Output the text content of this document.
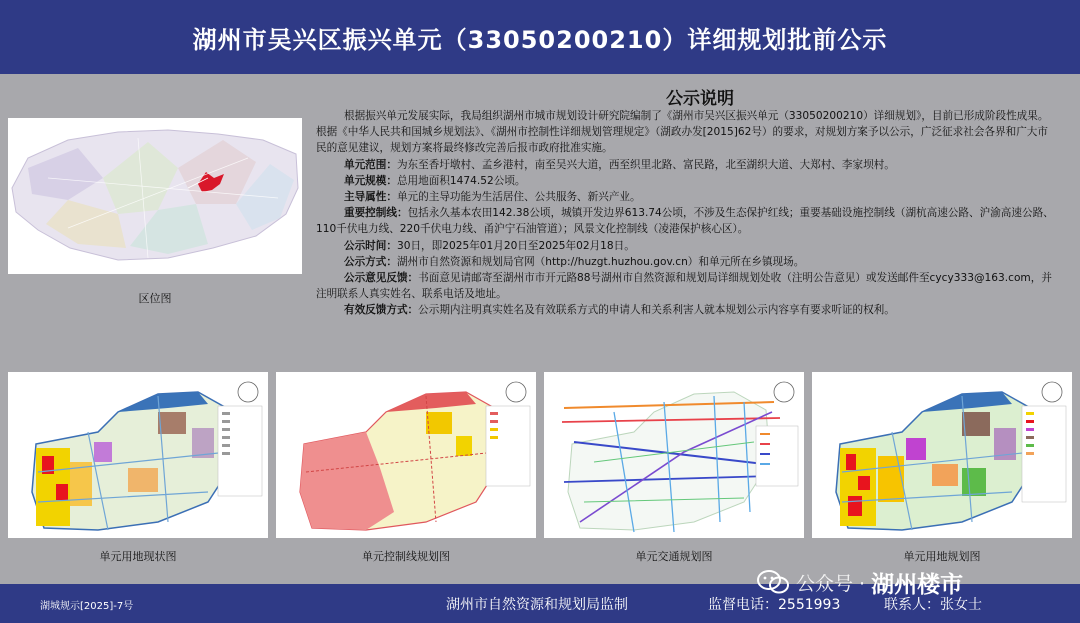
湖州市吴兴区振兴单元（33050200210）详细规划批前公示
区位图
公示说明

根据振兴单元发展实际，我局组织湖州市城市规划设计研究院编制了《湖州市吴兴区振兴单元（33050200210）详细规划》，目前已形成阶段性成果。根据《中华人民共和国城乡规划法》、《湖州市控制性详细规划管理规定》（湖政办发[2015]62号）的要求，对规划方案予以公示，广泛征求社会各界和广大市民的意见建议，规划方案将最终修改完善后报市政府批准实施。

单元范围：为东至香圩墩村、孟乡港村，南至吴兴大道，西至织里北路、富民路，北至湖织大道、大郑村、李家坝村。

单元规模：总用地面积1474.52公顷。

主导属性：单元的主导功能为生活居住、公共服务、新兴产业。

重要控制线：包括永久基本农田142.38公顷，城镇开发边界613.74公顷，不涉及生态保护红线；重要基础设施控制线（湖杭高速公路、沪渝高速公路、110千伏电力线、220千伏电力线、甬沪宁石油管道）；风景文化控制线（凌港保护核心区）。

公示时间：30日，即2025年01月20日至2025年02月18日。

公示方式：湖州市自然资源和规划局官网（http://huzgt.huzhou.gov.cn）和单元所在乡镇现场。

公示意见反馈：书面意见请邮寄至湖州市市开元路88号湖州市自然资源和规划局详细规划处收（注明公告意见）或发送邮件至cycy333@163.com，并注明联系人真实姓名、联系电话及地址。

有效反馈方式：公示期内注明真实姓名及有效联系方式的申请人和关系利害人就本规划公示内容享有要求听证的权利。

单元用地现状图	单元控制线规划图	单元交通规划图	单元用地规划图
湖城规示[2025]-7号	湖州市自然资源和规划局监制	监督电话：2551993	联系人：张女士
公众号 · 湖州楼市
